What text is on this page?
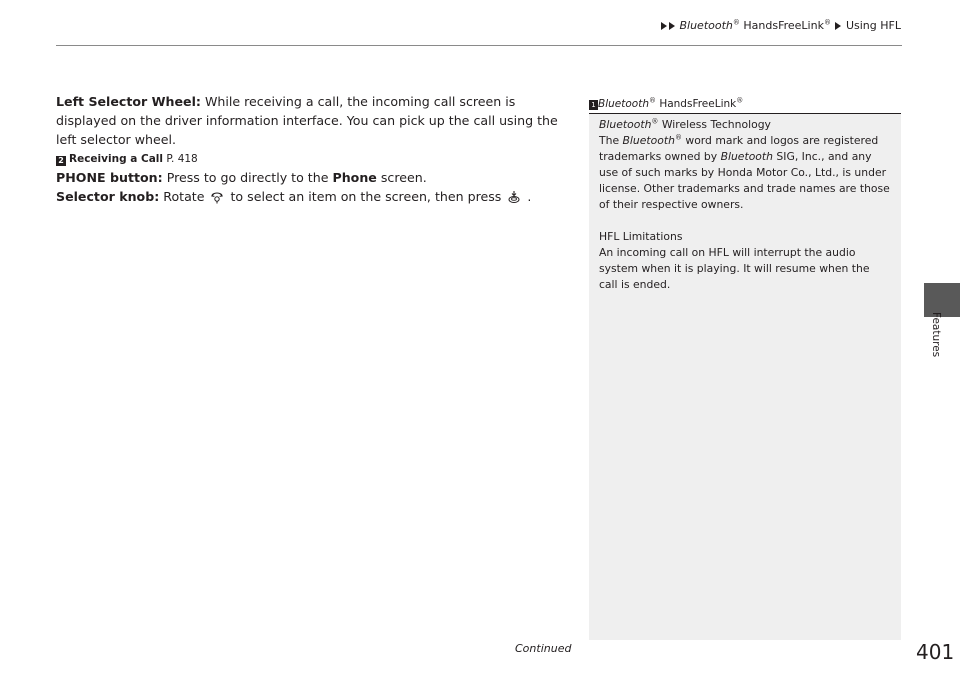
Bluetooth® HandsFreeLink® Using HFL

Left Selector Wheel: While receiving a call, the incoming call screen is displayed on the driver information interface. You can pick up the call using the left selector wheel.

2 Receiving a Call P. 418

PHONE button: Press to go directly to the Phone screen.

Selector knob: Rotate to select an item on the screen, then press .

1 Bluetooth® HandsFreeLink®

Bluetooth® Wireless Technology

The Bluetooth® word mark and logos are registered trademarks owned by Bluetooth SIG, Inc., and any use of such marks by Honda Motor Co., Ltd., is under license. Other trademarks and trade names are those of their respective owners.

HFL Limitations

An incoming call on HFL will interrupt the audio system when it is playing. It will resume when the call is ended.

Features
Continued	401
